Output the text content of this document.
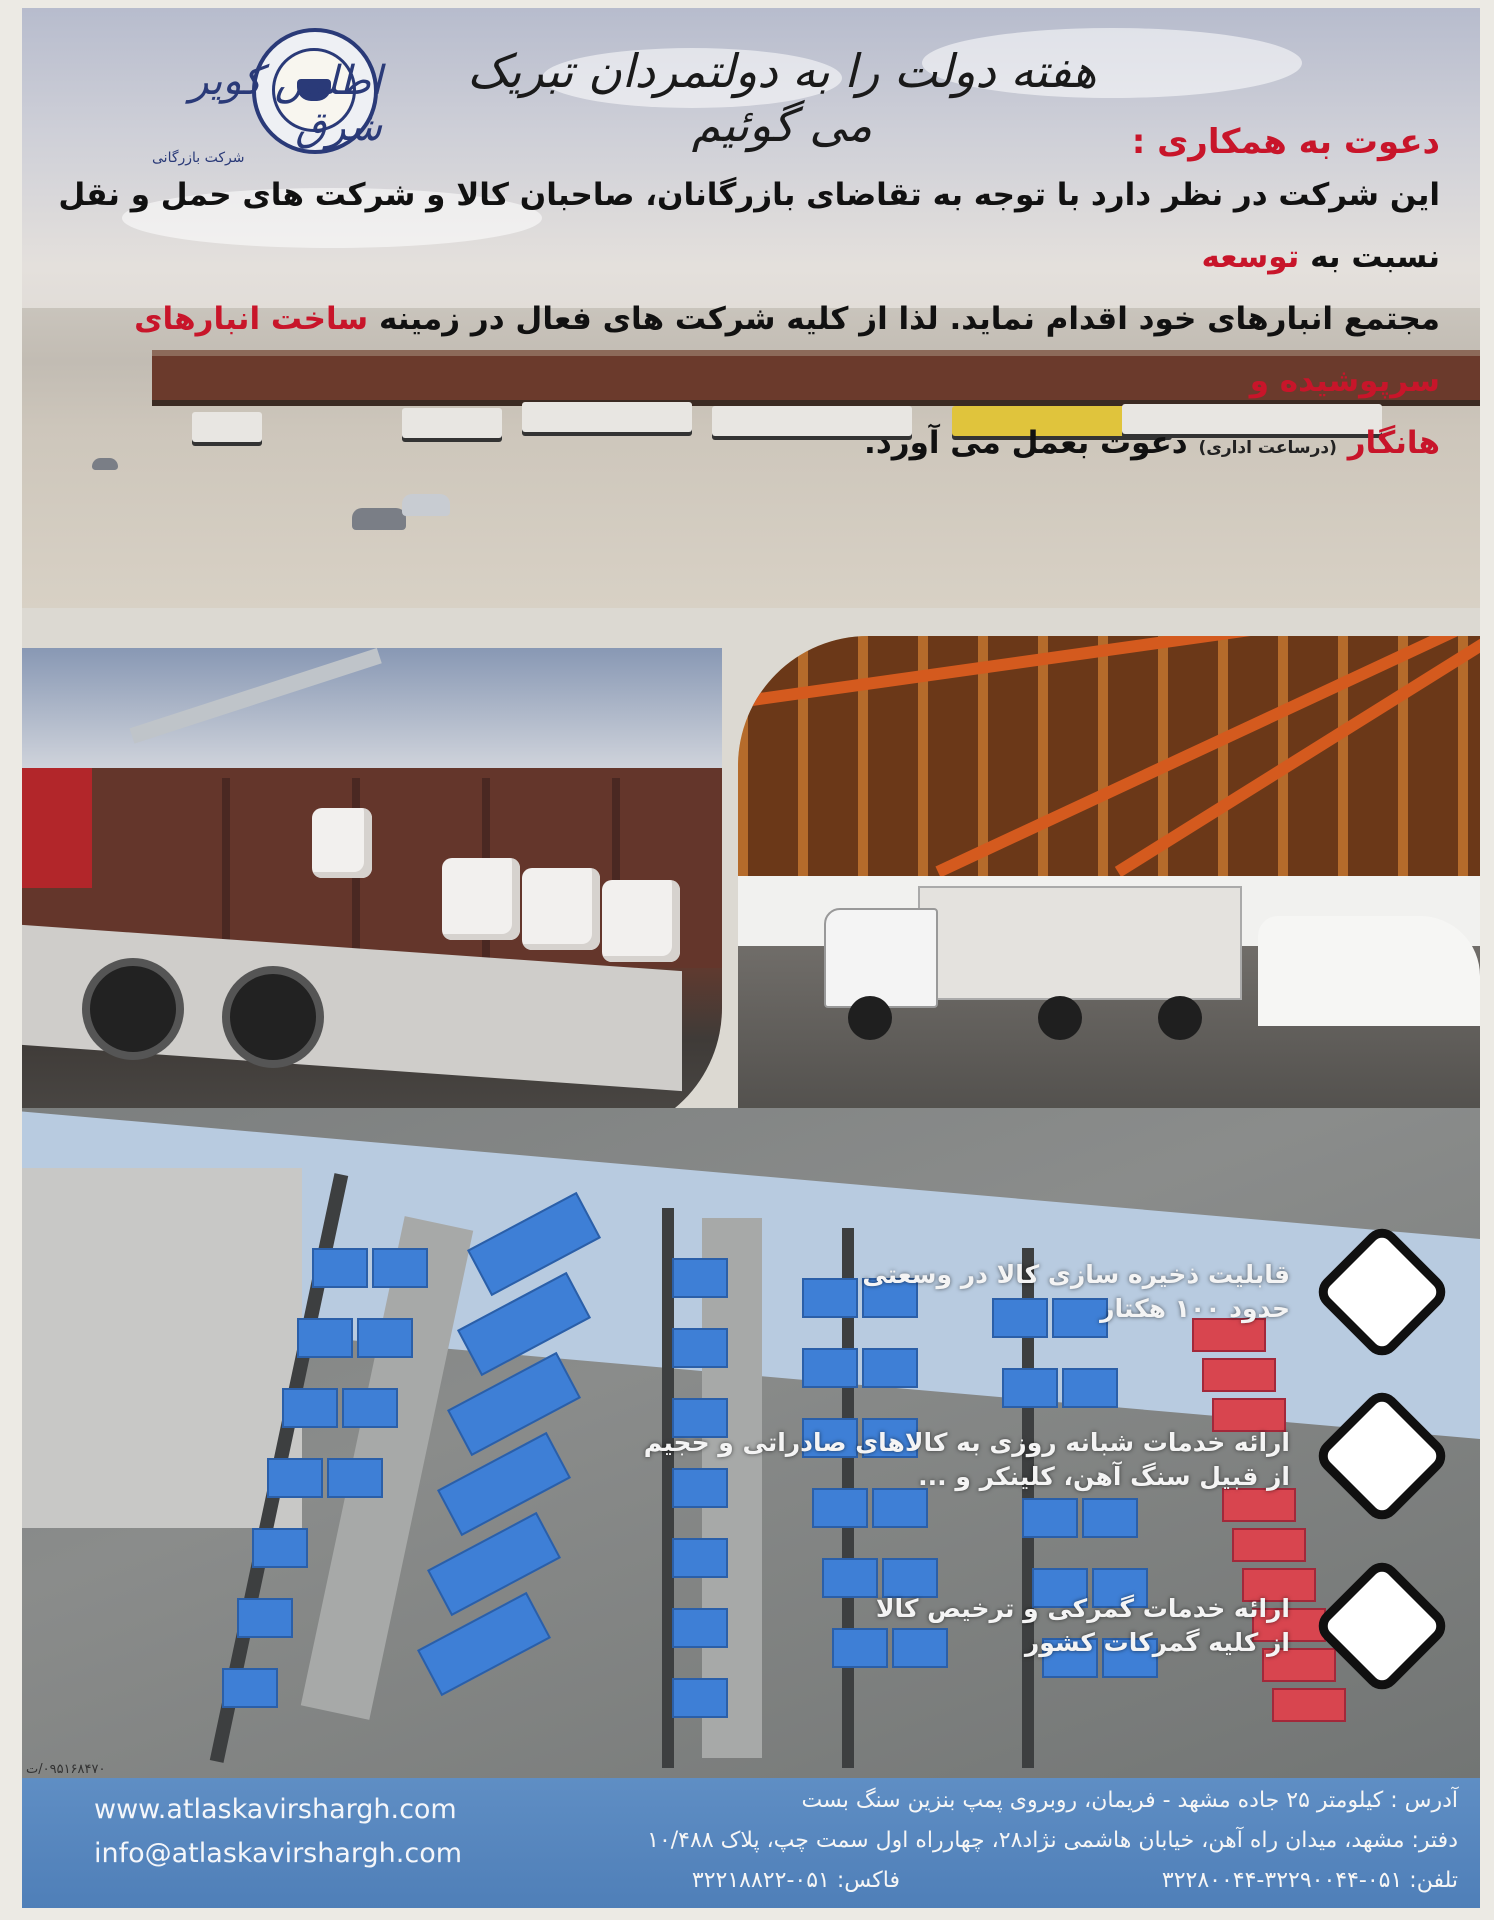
اطلس کویر شرق
شرکت بازرگانی
هفته دولت را به دولتمردان تبریک می گوئیم	دعوت به همکاری :
این شرکت در نظر دارد با توجه به تقاضای بازرگانان، صاحبان کالا و شرکت های حمل و نقل نسبت به توسعه
مجتمع انبارهای خود اقدام نماید. لذا از کلیه شرکت های فعال در زمینه ساخت انبارهای سرپوشیده و
هانگار (درساعت اداری) دعوت بعمل می آورد.
قابلیت ذخیره سازی کالا در وسعتی
حدود ۱۰۰ هکتار
ارائه خدمات شبانه روزی به کالاهای صادراتی و حجیم
از قبیل سنگ آهن، کلینکر و ...
ارائه خدمات گمرکی و ترخیص کالا
از کلیه گمرکات کشور
www.atlaskavirshargh.com
info@atlaskavirshargh.com
آدرس : کیلومتر ۲۵ جاده مشهد - فریمان، روبروی پمپ بنزین سنگ بست
دفتر: مشهد، میدان راه آهن، خیابان هاشمی نژاد۲۸، چهارراه اول سمت چپ، پلاک ۱۰/۴۸۸
تلفن: ۰۵۱-۳۲۲۹۰۰۴۴-۳۲۲۸۰۰۴۴
فاکس: ۰۵۱-۳۲۲۱۸۸۲۲
۰۹۵۱۶۸۴۷۰/ت
